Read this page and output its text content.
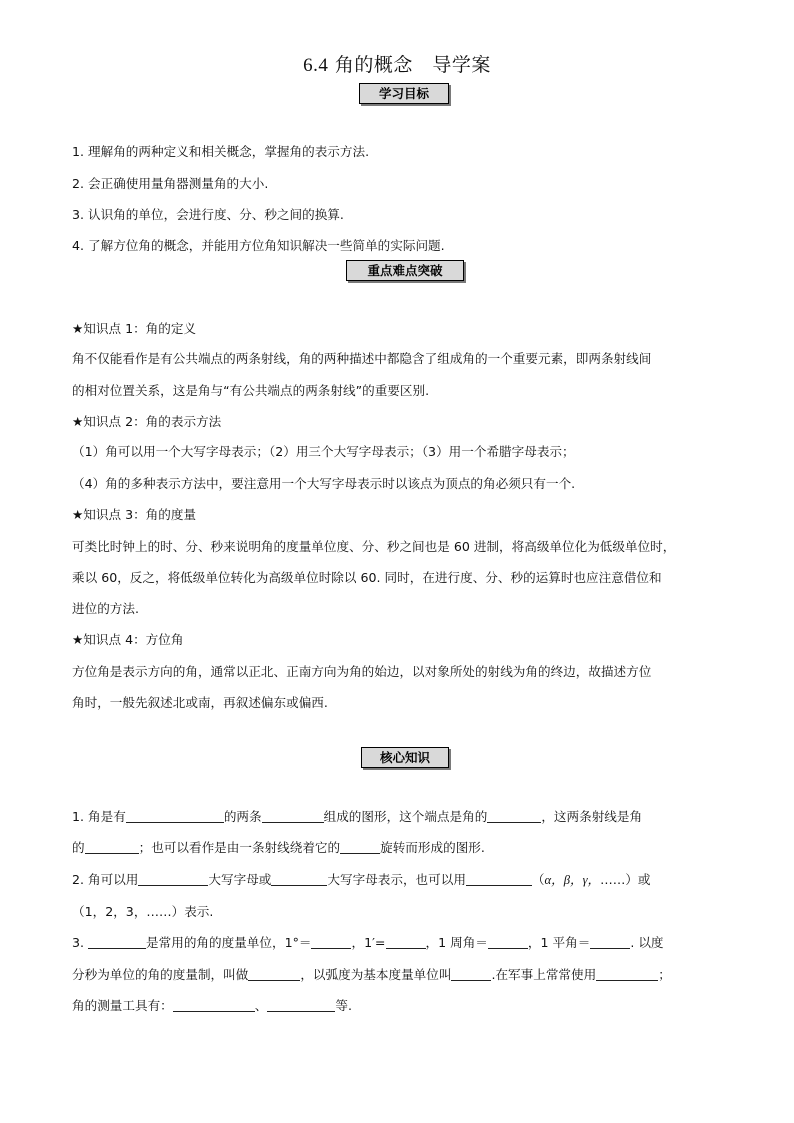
6.4 角的概念　导学案
学习目标
1. 理解角的两种定义和相关概念，掌握角的表示方法.
2. 会正确使用量角器测量角的大小.
3. 认识角的单位，会进行度、分、秒之间的换算.
4. 了解方位角的概念，并能用方位角知识解决一些简单的实际问题.
重点难点突破
★知识点 1：角的定义
角不仅能看作是有公共端点的两条射线，角的两种描述中都隐含了组成角的一个重要元素，即两条射线间
的相对位置关系，这是角与“有公共端点的两条射线”的重要区别.
★知识点 2：角的表示方法
（1）角可以用一个大写字母表示；（2）用三个大写字母表示；（3）用一个希腊字母表示；
（4）角的多种表示方法中，要注意用一个大写字母表示时以该点为顶点的角必须只有一个.
★知识点 3：角的度量
可类比时钟上的时、分、秒来说明角的度量单位度、分、秒之间也是 60 进制，将高级单位化为低级单位时，
乘以 60，反之，将低级单位转化为高级单位时除以 60. 同时，在进行度、分、秒的运算时也应注意借位和
进位的方法.
★知识点 4：方位角
方位角是表示方向的角，通常以正北、正南方向为角的始边，以对象所处的射线为角的终边，故描述方位
角时，一般先叙述北或南，再叙述偏东或偏西.
核心知识
1. 角是有	的两条	组成的图形，这个端点是角的	，这两条射线是角
的	；也可以看作是由一条射线绕着它的	旋转而形成的图形.
2. 角可以用	大写字母或	大写字母表示，也可以用	（α，β，γ，……）或
（1，2，3，……）表示.
3.	是常用的角的度量单位，1°＝	，1′=	，1 周角＝	，1 平角＝	. 以度
分秒为单位的角的度量制，叫做	，以弧度为基本度量单位叫	.在军事上常常使用	；
角的测量工具有：	、	等.
